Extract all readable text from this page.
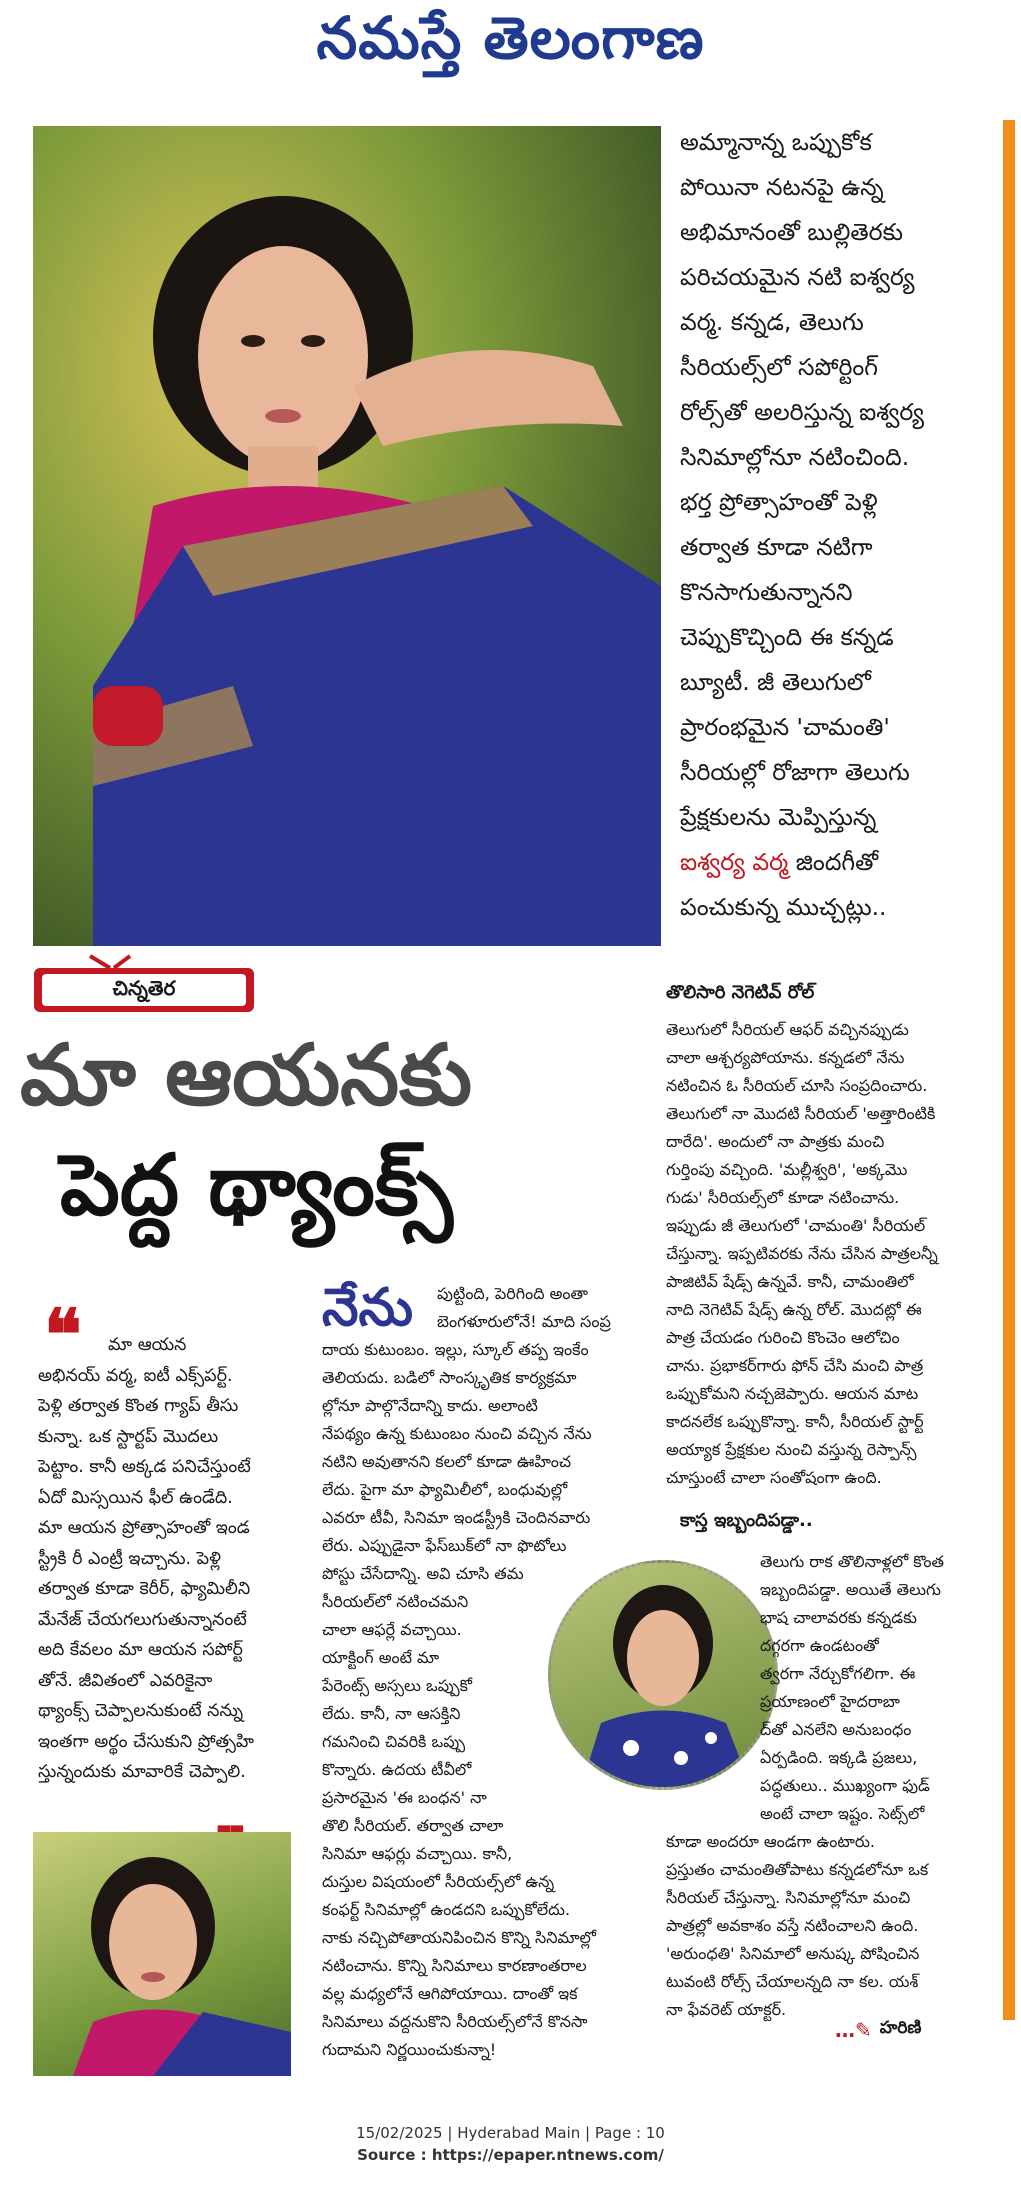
నమస్తే తెలంగాణ

అమ్మానాన్న ఒప్పుకోక

పోయినా నటనపై ఉన్న

అభిమానంతో బుల్లితెరకు

పరిచయమైన నటి ఐశ్వర్య

వర్మ. కన్నడ, తెలుగు

సీరియల్స్‌లో సపోర్టింగ్

రోల్స్‌తో అలరిస్తున్న ఐశ్వర్య

సినిమాల్లోనూ నటించింది.

భర్త ప్రోత్సాహంతో పెళ్లి

తర్వాత కూడా నటిగా

కొనసాగుతున్నానని

చెప్పుకొచ్చింది ఈ కన్నడ

బ్యూటీ. జీ తెలుగులో

ప్రారంభమైన 'చామంతి'

సీరియల్లో రోజాగా తెలుగు

ప్రేక్షకులను మెప్పిస్తున్న

ఐశ్వర్య వర్మ జిందగీతో

పంచుకున్న ముచ్చట్లు..

చిన్నతెర
మా ఆయనకు
పెద్ద థ్యాంక్స్
❝	మా ఆయన
అభినయ్ వర్మ, ఐటీ ఎక్స్‌పర్ట్.
పెళ్లి తర్వాత కొంత గ్యాప్ తీసు
కున్నా. ఒక స్టార్టప్ మొదలు
పెట్టాం. కానీ అక్కడ పనిచేస్తుంటే
ఏదో మిస్సయిన ఫీల్ ఉండేది.
మా ఆయన ప్రోత్సాహంతో ఇండ
స్ట్రీకి రీ ఎంట్రీ ఇచ్చాను. పెళ్లి
తర్వాత కూడా కెరీర్, ఫ్యామిలీని
మేనేజ్ చేయగలుగుతున్నానంటే
అది కేవలం మా ఆయన సపోర్ట్
తోనే. జీవితంలో ఎవరికైనా
థ్యాంక్స్ చెప్పాలనుకుంటే నన్ను
ఇంతగా అర్థం చేసుకుని ప్రోత్సహి
స్తున్నందుకు మావారికే చెప్పాలి.
నేను	పుట్టింది, పెరిగింది అంతా
బెంగళూరులోనే! మాది సంప్ర
దాయ కుటుంబం. ఇల్లు, స్కూల్ తప్ప ఇంకేం
తెలియదు. బడిలో సాంస్కృతిక కార్యక్రమా
ల్లోనూ పాల్గొనేదాన్ని కాదు. అలాంటి
నేపథ్యం ఉన్న కుటుంబం నుంచి వచ్చిన నేను
నటిని అవుతానని కలలో కూడా ఊహించ
లేదు. పైగా మా ఫ్యామిలీలో, బంధువుల్లో
ఎవరూ టీవీ, సినిమా ఇండస్ట్రీకి చెందినవారు
లేరు. ఎప్పుడైనా ఫేస్‌బుక్‌లో నా ఫొటోలు
పోస్టు చేసేదాన్ని. అవి చూసి తమ
సీరియల్‌లో నటించమని
చాలా ఆఫర్లే వచ్చాయి.
యాక్టింగ్ అంటే మా
పేరెంట్స్ అస్సలు ఒప్పుకో
లేదు. కానీ, నా ఆసక్తిని
గమనించి చివరికి ఒప్పు
కొన్నారు. ఉదయ టీవీలో
ప్రసారమైన 'ఈ బంధన' నా
తొలి సీరియల్. తర్వాత చాలా
సినిమా ఆఫర్లు వచ్చాయి. కానీ,
దుస్తుల విషయంలో సీరియల్స్‌లో ఉన్న
కంఫర్ట్ సినిమాల్లో ఉండదని ఒప్పుకోలేదు.
నాకు నచ్చిపోతాయనిపించిన కొన్ని సినిమాల్లో
నటించాను. కొన్ని సినిమాలు కారణాంతరాల
వల్ల మధ్యలోనే ఆగిపోయాయి. దాంతో ఇక
సినిమాలు వద్దనుకొని సీరియల్స్‌లోనే కొనసా
గుదామని నిర్ణయించుకున్నా!
తొలిసారి నెగెటివ్ రోల్
తెలుగులో సీరియల్ ఆఫర్ వచ్చినప్పుడు
చాలా ఆశ్చర్యపోయాను. కన్నడలో నేను
నటించిన ఓ సీరియల్ చూసి సంప్రదించారు.
తెలుగులో నా మొదటి సీరియల్ 'అత్తారింటికి
దారేది'. అందులో నా పాత్రకు మంచి
గుర్తింపు వచ్చింది. 'మల్లీశ్వరి', 'అక్కమొ
గుడు' సీరియల్స్‌లో కూడా నటించాను.
ఇప్పుడు జీ తెలుగులో 'చామంతి' సీరియల్
చేస్తున్నా. ఇప్పటివరకు నేను చేసిన పాత్రలన్నీ
పాజిటివ్ షేడ్స్ ఉన్నవే. కానీ, చామంతిలో
నాది నెగెటివ్ షేడ్స్ ఉన్న రోల్. మొదట్లో ఈ
పాత్ర చేయడం గురించి కొంచెం ఆలోచిం
చాను. ప్రభాకర్‌గారు ఫోన్ చేసి మంచి పాత్ర
ఒప్పుకోమని నచ్చజెప్పారు. ఆయన మాట
కాదనలేక ఒప్పుకొన్నా. కానీ, సీరియల్ స్టార్ట్
అయ్యాక ప్రేక్షకుల నుంచి వస్తున్న రెస్పాన్స్
చూస్తుంటే చాలా సంతోషంగా ఉంది.
కాస్త ఇబ్బందిపడ్డా..
తెలుగు రాక తొలినాళ్లలో కొంత
ఇబ్బందిపడ్డా. అయితే తెలుగు
భాష చాలావరకు కన్నడకు
దగ్గరగా ఉండటంతో
త్వరగా నేర్చుకోగలిగా. ఈ
ప్రయాణంలో హైదరాబా
ద్‌తో ఎనలేని అనుబంధం
ఏర్పడింది. ఇక్కడి ప్రజలు,
పద్ధతులు.. ముఖ్యంగా ఫుడ్
అంటే చాలా ఇష్టం. సెట్స్‌లో
కూడా అందరూ ఆండగా ఉంటారు.
ప్రస్తుతం చామంతితోపాటు కన్నడలోనూ ఒక
సీరియల్ చేస్తున్నా. సినిమాల్లోనూ మంచి
పాత్రల్లో అవకాశం వస్తే నటించాలని ఉంది.
'అరుంధతి' సినిమాలో అనుష్క పోషించిన
టువంటి రోల్స్ చేయాలన్నది నా కల. యశ్
నా ఫేవరెట్ యాక్టర్.
…✎ హరిణి
15/02/2025 | Hyderabad Main | Page : 10
Source : https://epaper.ntnews.com/
